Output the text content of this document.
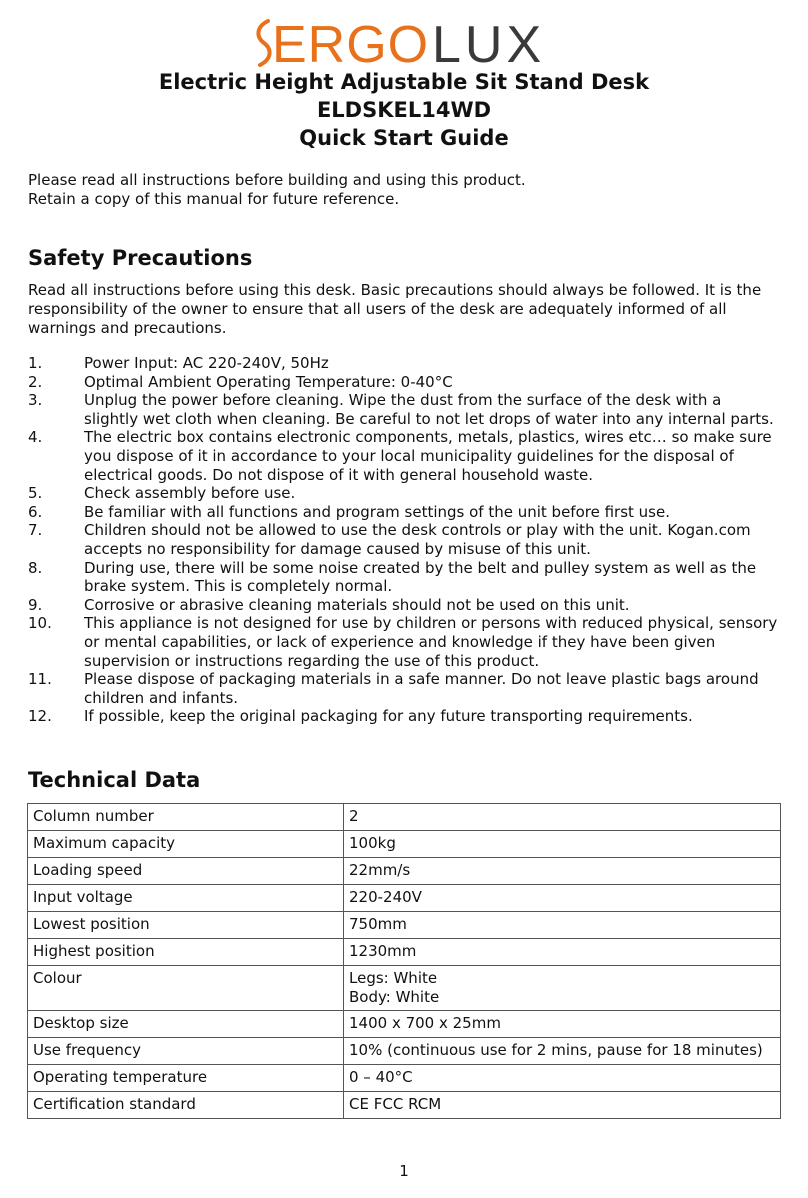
ERGO LUX
Electric Height Adjustable Sit Stand Desk
ELDSKEL14WD
Quick Start Guide
Please read all instructions before building and using this product.
Retain a copy of this manual for future reference.
Safety Precautions
Read all instructions before using this desk. Basic precautions should always be followed. It is the responsibility of the owner to ensure that all users of the desk are adequately informed of all warnings and precautions.
1.	Power Input: AC 220-240V, 50Hz
2.	Optimal Ambient Operating Temperature: 0-40°C
3.	Unplug the power before cleaning. Wipe the dust from the surface of the desk with a slightly wet cloth when cleaning. Be careful to not let drops of water into any internal parts.
4.	The electric box contains electronic components, metals, plastics, wires etc… so make sure you dispose of it in accordance to your local municipality guidelines for the disposal of electrical goods. Do not dispose of it with general household waste.
5.	Check assembly before use.
6.	Be familiar with all functions and program settings of the unit before first use.
7.	Children should not be allowed to use the desk controls or play with the unit. Kogan.com accepts no responsibility for damage caused by misuse of this unit.
8.	During use, there will be some noise created by the belt and pulley system as well as the brake system. This is completely normal.
9.	Corrosive or abrasive cleaning materials should not be used on this unit.
10.	This appliance is not designed for use by children or persons with reduced physical, sensory or mental capabilities, or lack of experience and knowledge if they have been given supervision or instructions regarding the use of this product.
11.	Please dispose of packaging materials in a safe manner. Do not leave plastic bags around children and infants.
12.	If possible, keep the original packaging for any future transporting requirements.
Technical Data
Column number	2
Maximum capacity	100kg
Loading speed	22mm/s
Input voltage	220-240V
Lowest position	750mm
Highest position	1230mm
Colour	Legs: White
Body: White

Desktop size	1400 x 700 x 25mm
Use frequency	10% (continuous use for 2 mins, pause for 18 minutes)
Operating temperature	0 – 40°C
Certification standard	CE FCC RCM
1
